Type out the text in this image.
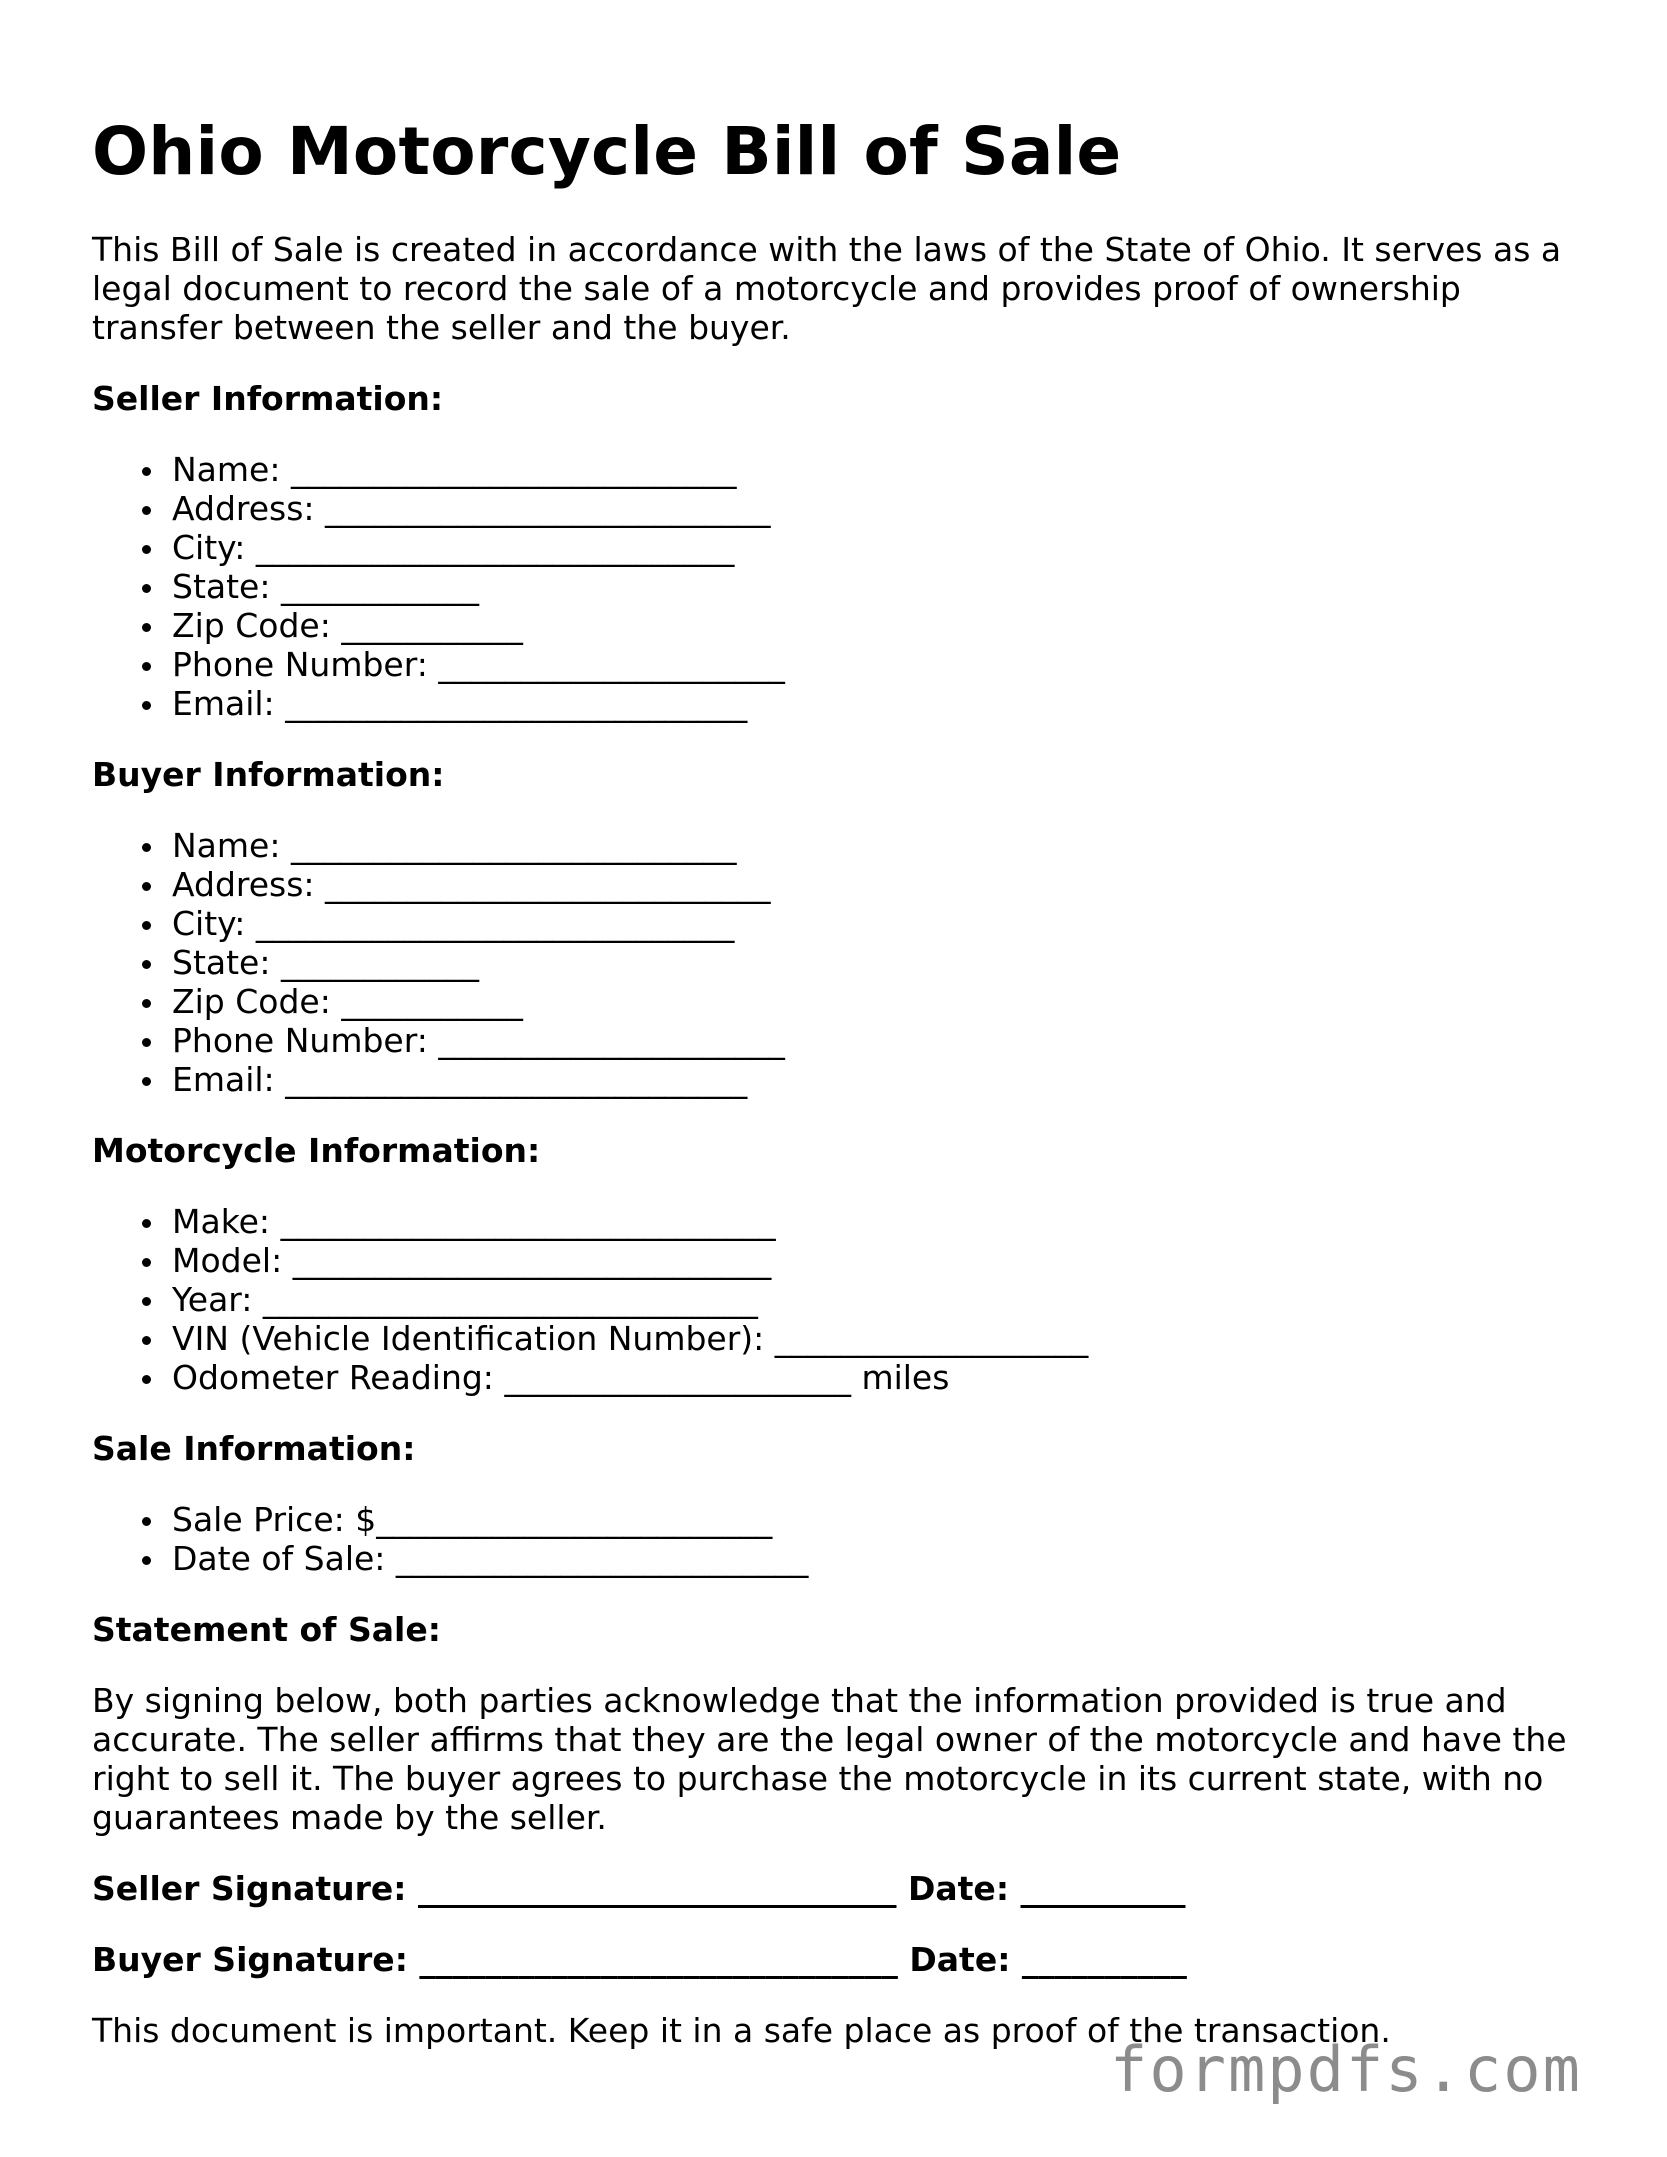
Ohio Motorcycle Bill of Sale

This Bill of Sale is created in accordance with the laws of the State of Ohio. It serves as a legal document to record the sale of a motorcycle and provides proof of ownership transfer between the seller and the buyer.

Seller Information:
Name: ___________________________
Address: ___________________________
City: _____________________________
State: ____________
Zip Code: ___________
Phone Number: _____________________
Email: ____________________________
Buyer Information:
Name: ___________________________
Address: ___________________________
City: _____________________________
State: ____________
Zip Code: ___________
Phone Number: _____________________
Email: ____________________________
Motorcycle Information:
Make: ______________________________
Model: _____________________________
Year: ______________________________
VIN (Vehicle Identification Number): ___________________
Odometer Reading: _____________________ miles
Sale Information:
Sale Price: $________________________
Date of Sale: _________________________
Statement of Sale:

By signing below, both parties acknowledge that the information provided is true and accurate. The seller affirms that they are the legal owner of the motorcycle and have the right to sell it. The buyer agrees to purchase the motorcycle in its current state, with no guarantees made by the seller.

Seller Signature: _____________________________ Date: __________
Buyer Signature: _____________________________ Date: __________

This document is important. Keep it in a safe place as proof of the transaction.

formpdfs.com
